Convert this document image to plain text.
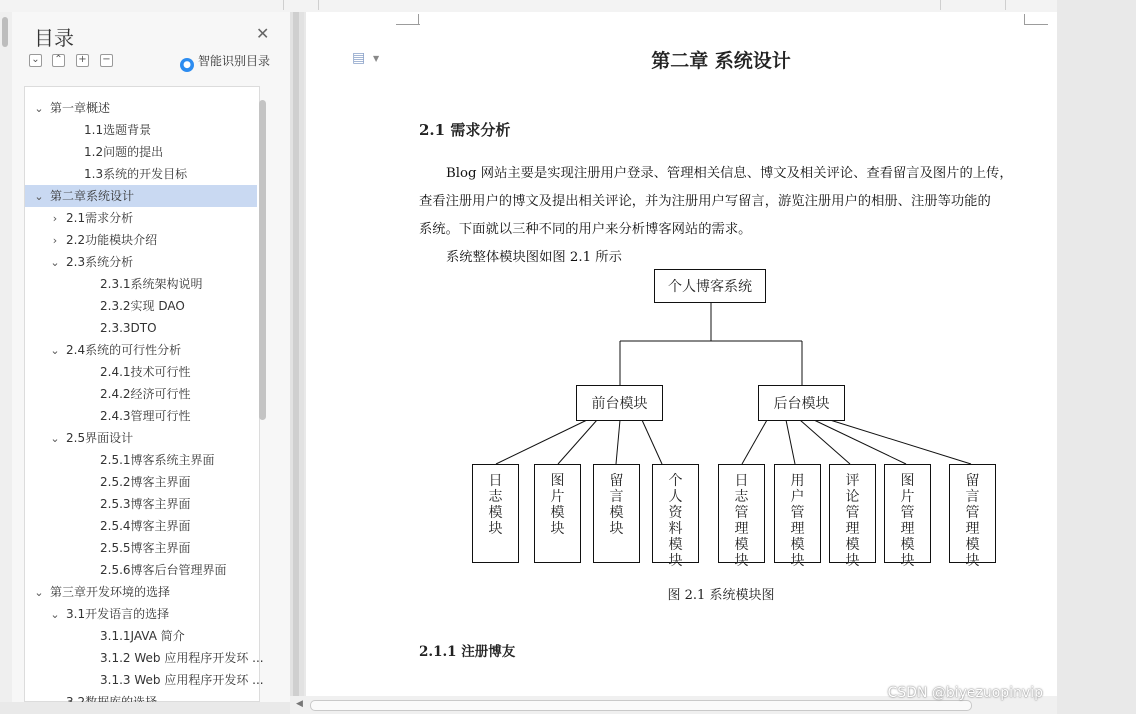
目录	✕
⌄ ⌃ + −	● 智能识别目录
⌄ 第一章概述
1.1选题背景
1.2问题的提出
1.3系统的开发目标
⌄ 第二章系统设计
› 2.1需求分析
› 2.2功能模块介绍
⌄ 2.3系统分析
2.3.1系统架构说明
2.3.2实现 DAO
2.3.3DTO
⌄ 2.4系统的可行性分析
2.4.1技术可行性
2.4.2经济可行性
2.4.3管理可行性
⌄ 2.5界面设计
2.5.1博客系统主界面
2.5.2博客主界面
2.5.3博客主界面
2.5.4博客主界面
2.5.5博客主界面
2.5.6博客后台管理界面
⌄ 第三章开发环境的选择
⌄ 3.1开发语言的选择
3.1.1JAVA 简介
3.1.2 Web 应用程序开发环 ...
3.1.3 Web 应用程序开发环 ...
▤ ▼	第二章 系统设计
2.1 需求分析
Blog 网站主要是实现注册用户登录、管理相关信息、博文及相关评论、查看留言及图片的上传，
查看注册用户的博文及提出相关评论，并为注册用户写留言，游览注册用户的相册、注册等功能的
系统。下面就以三种不同的用户来分析博客网站的需求。
系统整体模块图如图 2.1 所示
个人博客系统
前台模块	后台模块
日志模块
图片模块
留言模块
个人资料模块
日志管理模块
用户管理模块
评论管理模块
图片管理模块
留言管理模块
图 2.1 系统模块图
2.1.1 注册博友
◀
CSDN @biyezuopinvip
